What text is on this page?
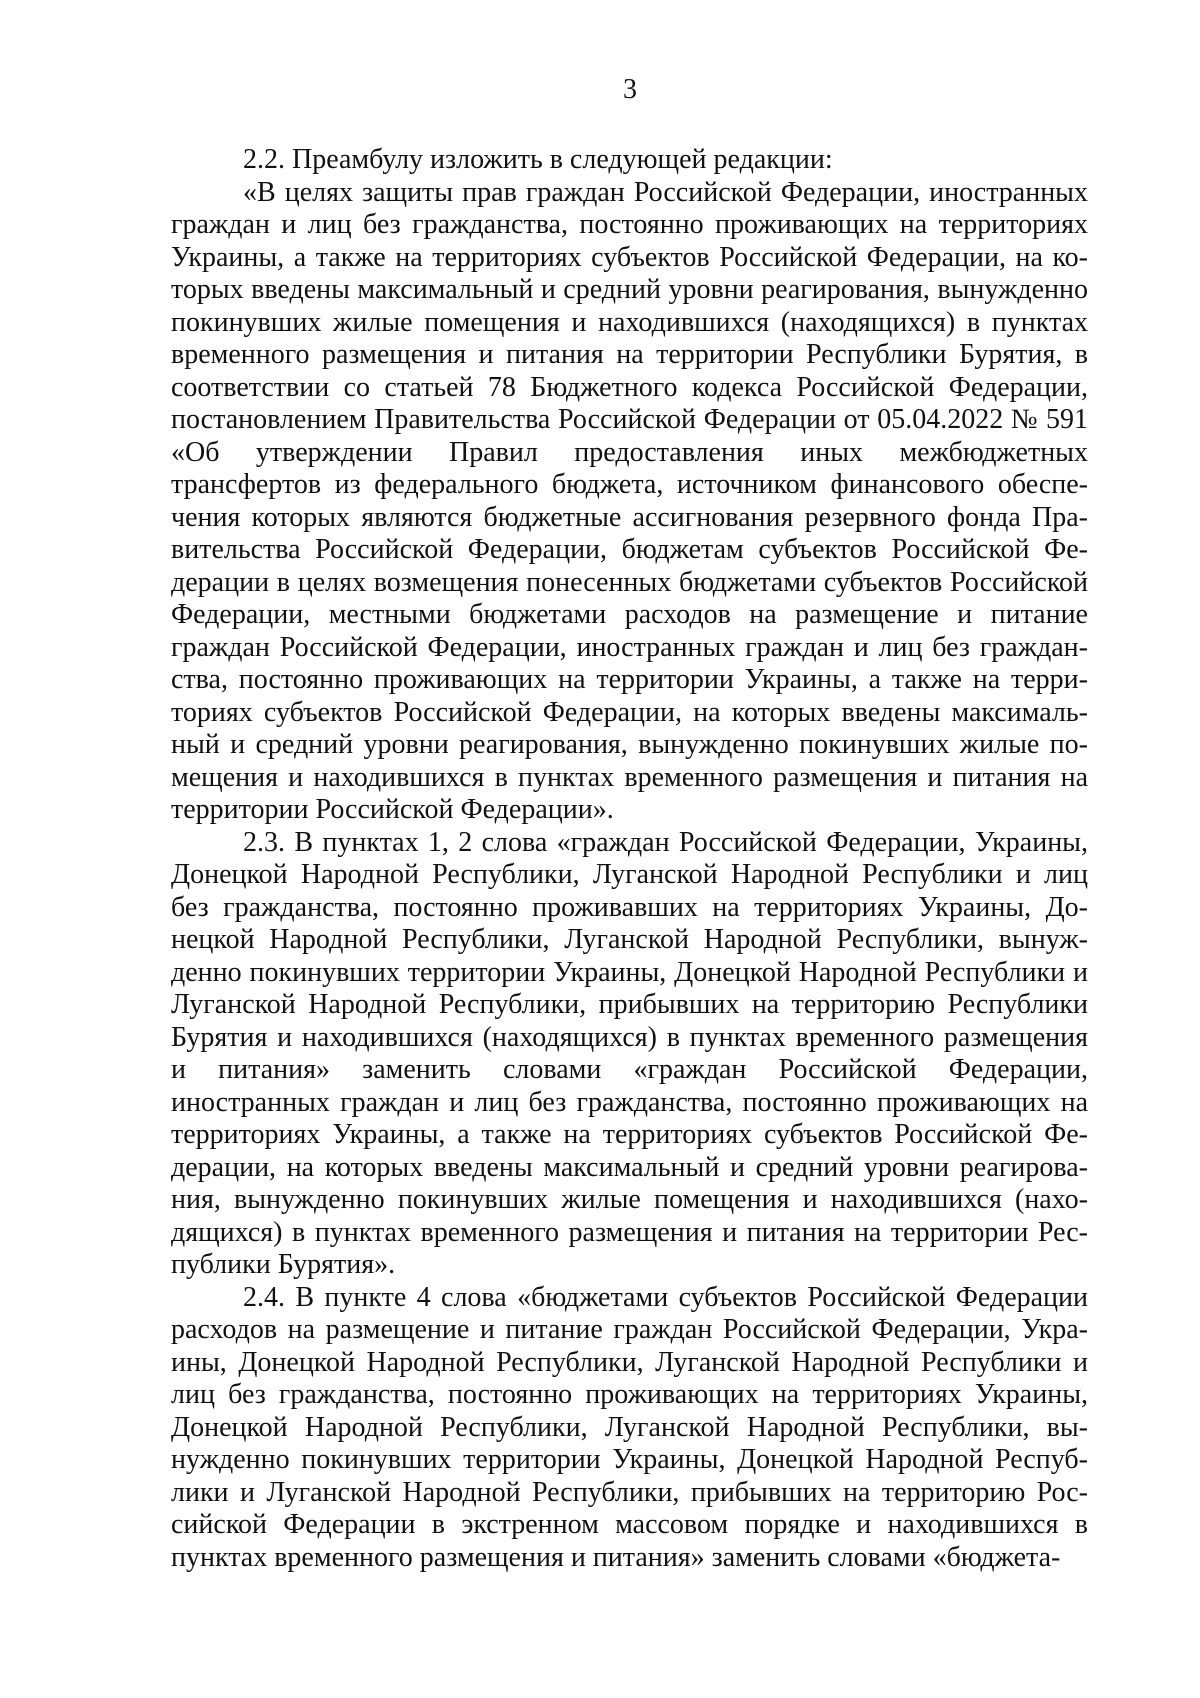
3

2.2. Преамбулу изложить в следующей редакции:

«В целях защиты прав граждан Российской Федерации, иностранных граждан и лиц без гражданства, постоянно проживающих на территориях Украины, а также на территориях субъектов Российской Федерации, на которых введены максимальный и средний уровни реагирования, вынужденно покинувших жилые помещения и находившихся (находящихся) в пунктах временного размещения и питания на территории Республики Бурятия, в соответствии со статьей 78 Бюджетного кодекса Российской Федерации, постановлением Правительства Российской Федерации от 05.04.2022 № 591 «Об утверждении Правил предоставления иных межбюджетных трансфертов из федерального бюджета, источником финансового обеспечения которых являются бюджетные ассигнования резервного фонда Правительства Российской Федерации, бюджетам субъектов Российской Федерации в целях возмещения понесенных бюджетами субъектов Российской Федерации, местными бюджетами расходов на размещение и питание граждан Российской Федерации, иностранных граждан и лиц без гражданства, постоянно проживающих на территории Украины, а также на территориях субъектов Российской Федерации, на которых введены максимальный и средний уровни реагирования, вынужденно покинувших жилые помещения и находившихся в пунктах временного размещения и питания на территории Российской Федерации».

2.3. В пунктах 1, 2 слова «граждан Российской Федерации, Украины, Донецкой Народной Республики, Луганской Народной Республики и лиц без гражданства, постоянно проживавших на территориях Украины, Донецкой Народной Республики, Луганской Народной Республики, вынужденно покинувших территории Украины, Донецкой Народной Республики и Луганской Народной Республики, прибывших на территорию Республики Бурятия и находившихся (находящихся) в пунктах временного размещения и питания» заменить словами «граждан Российской Федерации, иностранных граждан и лиц без гражданства, постоянно проживающих на территориях Украины, а также на территориях субъектов Российской Федерации, на которых введены максимальный и средний уровни реагирования, вынужденно покинувших жилые помещения и находившихся (находящихся) в пунктах временного размещения и питания на территории Республики Бурятия».

2.4. В пункте 4 слова «бюджетами субъектов Российской Федерации расходов на размещение и питание граждан Российской Федерации, Украины, Донецкой Народной Республики, Луганской Народной Республики и лиц без гражданства, постоянно проживающих на территориях Украины, Донецкой Народной Республики, Луганской Народной Республики, вынужденно покинувших территории Украины, Донецкой Народной Республики и Луганской Народной Республики, прибывших на территорию Российской Федерации в экстренном массовом порядке и находившихся в пунктах временного размещения и питания» заменить словами «бюджета-
